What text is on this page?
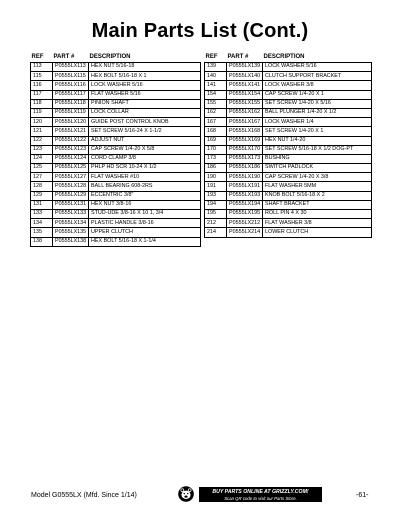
Main Parts List (Cont.)
REF	PART #	DESCRIPTION
113	P0555LX113	HEX NUT 5/16-18
115	P0555LX115	HEX BOLT 5/16-18 X 1
116	P0555LX116	LOCK WASHER 5/16
117	P0555LX117	FLAT WASHER 5/16
118	P0555LX118	PINION SHAFT
119	P0555LX119	LOCK COLLAR
120	P0555LX120	GUIDE POST CONTROL KNOB
121	P0555LX121	SET SCREW 5/16-24 X 1-1/2
122	P0555LX122	ADJUST NUT
123	P0555LX123	CAP SCREW 1/4-20 X 5/8
124	P0555LX124	CORD CLAMP 3/8
125	P0555LX125	PHLP HD SCR 10-24 X 1/2
127	P0555LX127	FLAT WASHER #10
128	P0555LX128	BALL BEARING 608-2RS
129	P0555LX129	ECCENTRIC 3/8"
131	P0555LX131	HEX NUT 3/8-16
133	P0555LX133	STUD-UDE 3/8-16 X 10 1, 3/4
134	P0555LX134	PLASTIC HANDLE 3/8-16
135	P0555LX135	UPPER CLUTCH
138	P0555LX138	HEX BOLT 5/16-18 X 1-1/4
REF	PART #	DESCRIPTION
139	P0555LX139	LOCK WASHER 5/16
140	P0555LX140	CLUTCH SUPPORT BRACKET
141	P0555LX141	LOCK WASHER 3/8
154	P0555LX154	CAP SCREW 1/4-20 X 1
155	P0555LX155	SET SCREW 1/4-20 X 5/16
162	P0555LX162	BALL PLUNGER 1/4-20 X 1/2
167	P0555LX167	LOCK WASHER 1/4
168	P0555LX168	SET SCREW 1/4-20 X 1
169	P0555LX169	HEX NUT 1/4-20
170	P0555LX170	SET SCREW 5/16-18 X 1/2 DOG-PT
173	P0555LX173	BUSHING
186	P0555LX186	SWITCH PADLOCK
190	P0555LX190	CAP SCREW 1/4-20 X 3/8
191	P0555LX191	FLAT WASHER 5MM
193	P0555LX193	KNOB BOLT 5/16-18 X 2
194	P0555LX194	SHAFT BRACKET
195	P0555LX195	ROLL PIN 4 X 30
212	P0555LX212	FLAT WASHER 3/8
214	P0555LX214	LOWER CLUTCH
Model G0555LX (Mfd. Since 1/14)	BUY PARTS ONLINE AT GRIZZLY.COM!
Scan QR code to visit our Parts Store.	-61-
